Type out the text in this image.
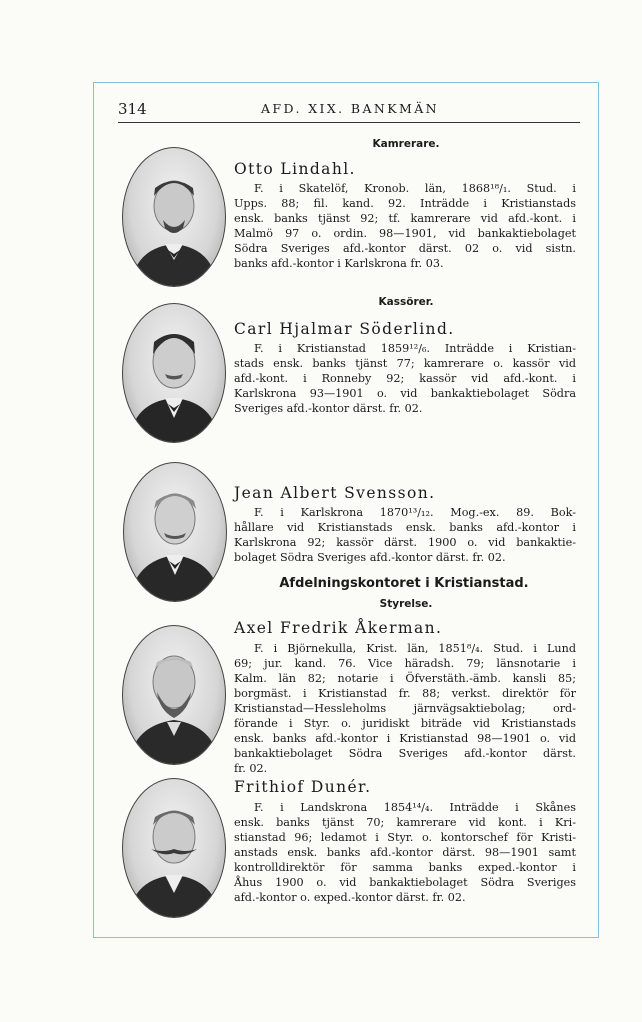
314	AFD. XIX. BANKMÄN
Kamrerare.
Otto Lindahl.
F. i Skatelöf, Kronob. län, 1868¹⁸/₁. Stud. i
Upps. 88; fil. kand. 92. Inträdde i Kristianstads
ensk. banks tjänst 92; tf. kamrerare vid afd.-kont. i
Malmö 97 o. ordin. 98—1901, vid bankaktiebolaget
Södra Sveriges afd.-kontor därst. 02 o. vid sistn.
banks afd.-kontor i Karlskrona fr. 03.
Kassörer.
Carl Hjalmar Söderlind.
F. i Kristianstad 1859¹²/₆. Inträdde i Kristian-
stads ensk. banks tjänst 77; kamrerare o. kassör vid
afd.-kont. i Ronneby 92; kassör vid afd.-kont. i
Karlskrona 93—1901 o. vid bankaktiebolaget Södra
Sveriges afd.-kontor därst. fr. 02.
Jean Albert Svensson.
F. i Karlskrona 1870¹³/₁₂. Mog.-ex. 89. Bok-
hållare vid Kristianstads ensk. banks afd.-kontor i
Karlskrona 92; kassör därst. 1900 o. vid bankaktie-
bolaget Södra Sveriges afd.-kontor därst. fr. 02.
Afdelningskontoret i Kristianstad.
Styrelse.
Axel Fredrik Åkerman.
F. i Björnekulla, Krist. län, 1851⁸/₄. Stud. i Lund
69; jur. kand. 76. Vice häradsh. 79; länsnotarie i
Kalm. län 82; notarie i Öfverstäth.-ämb. kansli 85;
borgmäst. i Kristianstad fr. 88; verkst. direktör för
Kristianstad—Hessleholms järnvägsaktiebolag; ord-
förande i Styr. o. juridiskt biträde vid Kristianstads
ensk. banks afd.-kontor i Kristianstad 98—1901 o. vid
bankaktiebolaget Södra Sveriges afd.-kontor därst.
fr. 02.
Frithiof Dunér.
F. i Landskrona 1854¹⁴/₄. Inträdde i Skånes
ensk. banks tjänst 70; kamrerare vid kont. i Kri-
stianstad 96; ledamot i Styr. o. kontorschef för Kristi-
anstads ensk. banks afd.-kontor därst. 98—1901 samt
kontrolldirektör för samma banks exped.-kontor i
Åhus 1900 o. vid bankaktiebolaget Södra Sveriges
afd.-kontor o. exped.-kontor därst. fr. 02.
